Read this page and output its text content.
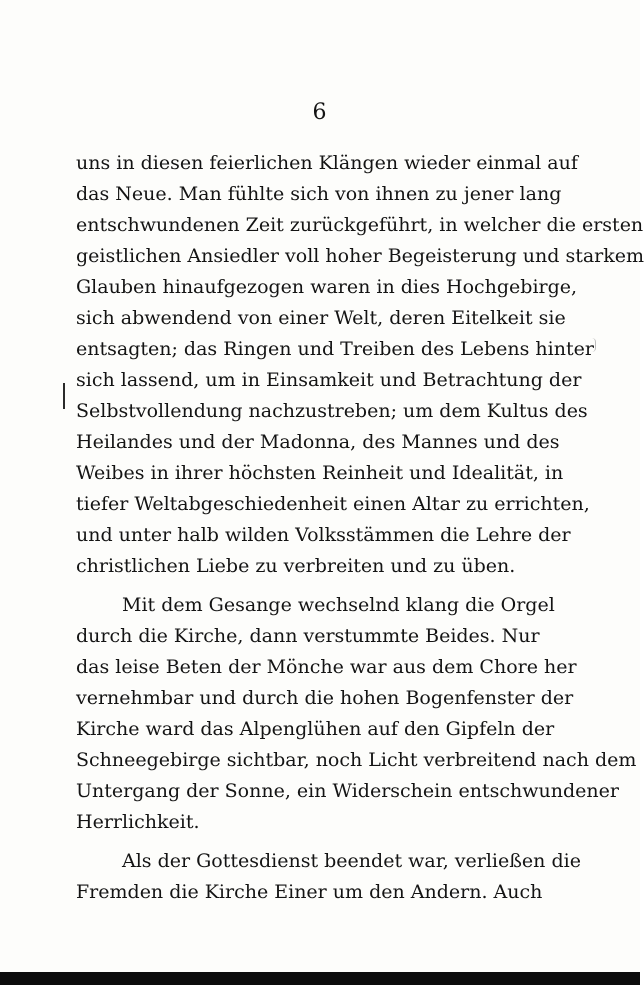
6
uns in diesen feierlichen Klängen wieder einmal auf
das Neue. Man fühlte sich von ihnen zu jener lang
entschwundenen Zeit zurückgeführt, in welcher die ersten
geistlichen Ansiedler voll hoher Begeisterung und starkem
Glauben hinaufgezogen waren in dies Hochgebirge,
sich abwendend von einer Welt, deren Eitelkeit sie
entsagten; das Ringen und Treiben des Lebens hinter
sich lassend, um in Einsamkeit und Betrachtung der
Selbstvollendung nachzustreben; um dem Kultus des
Heilandes und der Madonna, des Mannes und des
Weibes in ihrer höchsten Reinheit und Idealität, in
tiefer Weltabgeschiedenheit einen Altar zu errichten,
und unter halb wilden Volksstämmen die Lehre der
christlichen Liebe zu verbreiten und zu üben.
Mit dem Gesange wechselnd klang die Orgel
durch die Kirche, dann verstummte Beides. Nur
das leise Beten der Mönche war aus dem Chore her
vernehmbar und durch die hohen Bogenfenster der
Kirche ward das Alpenglühen auf den Gipfeln der
Schneegebirge sichtbar, noch Licht verbreitend nach dem
Untergang der Sonne, ein Widerschein entschwundener
Herrlichkeit.
Als der Gottesdienst beendet war, verließen die
Fremden die Kirche Einer um den Andern. Auch
